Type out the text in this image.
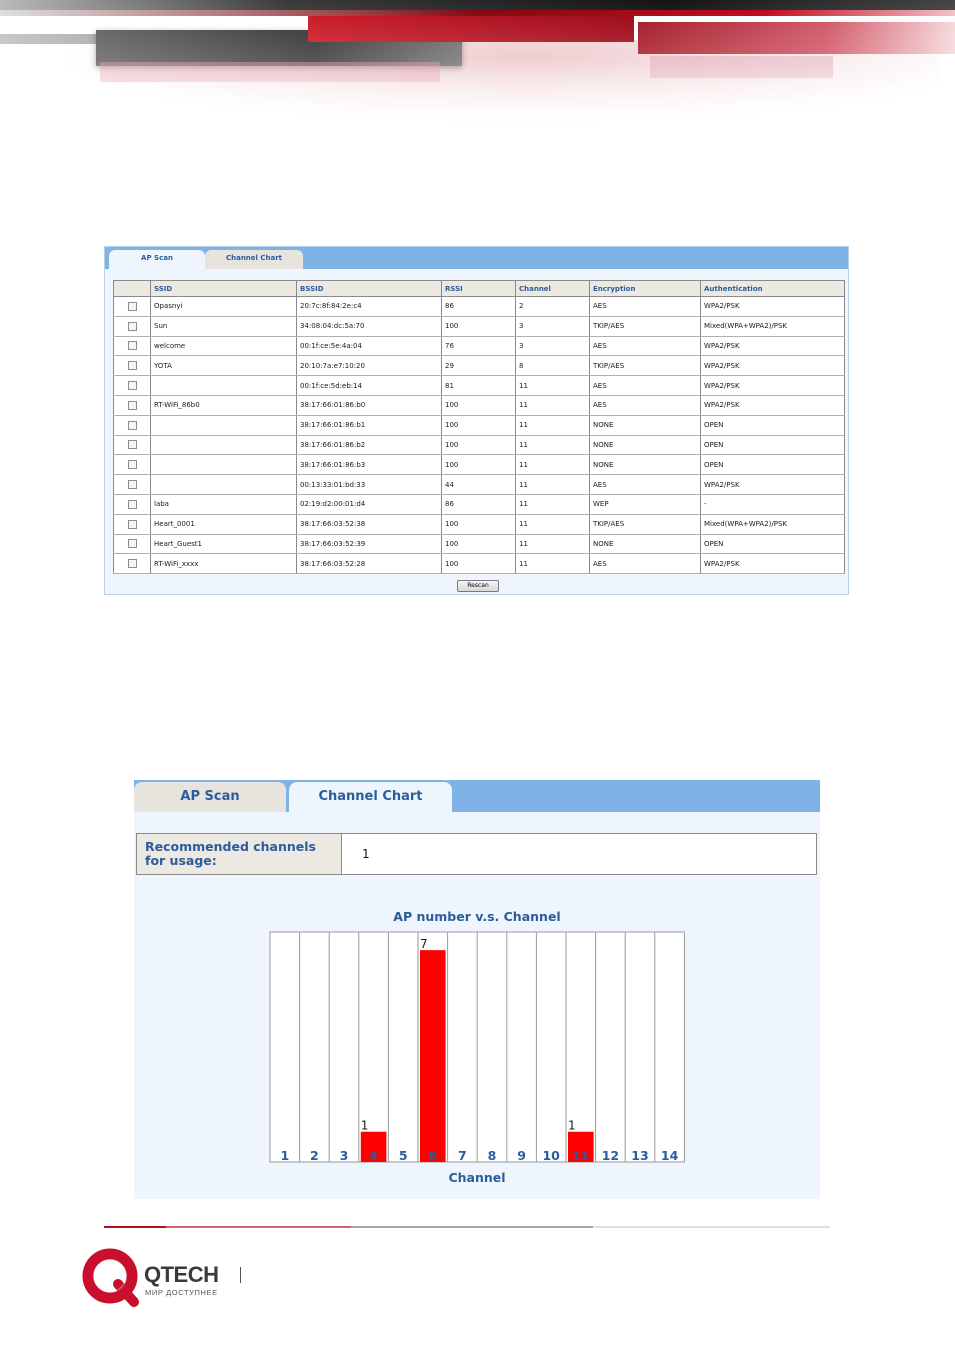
AP Scan	Channel Chart
	SSID	BSSID	RSSI	Channel	Encryption	Authentication
	Opasnyi	20:7c:8f:84:2e:c4	86	2	AES	WPA2/PSK
	Sun	34:08:04:dc:5a:70	100	3	TKIP/AES	Mixed(WPA+WPA2)/PSK
	welcome	00:1f:ce:5e:4a:04	76	3	AES	WPA2/PSK
	YOTA	20:10:7a:e7:10:20	29	8	TKIP/AES	WPA2/PSK
		00:1f:ce:5d:eb:14	81	11	AES	WPA2/PSK
	RT-WiFi_86b0	38:17:66:01:86:b0	100	11	AES	WPA2/PSK
		38:17:66:01:86:b1	100	11	NONE	OPEN
		38:17:66:01:86:b2	100	11	NONE	OPEN
		38:17:66:01:86:b3	100	11	NONE	OPEN
		00:13:33:01:bd:33	44	11	AES	WPA2/PSK
	laba	02:19:d2:00:01:d4	86	11	WEP	-
	Heart_0001	38:17:66:03:52:38	100	11	TKIP/AES	Mixed(WPA+WPA2)/PSK
	Heart_Guest1	38:17:66:03:52:39	100	11	NONE	OPEN
	RT-WiFi_xxxx	38:17:66:03:52:28	100	11	AES	WPA2/PSK
Rescan
AP Scan	Channel Chart
Recommended channels for usage:	1
AP number v.s. Channel
1 2 3
1
4 5
7
6 7 8 9 10
1
11 12 13 14
Channel
QTECH
МИР ДОСТУПНЕЕ
